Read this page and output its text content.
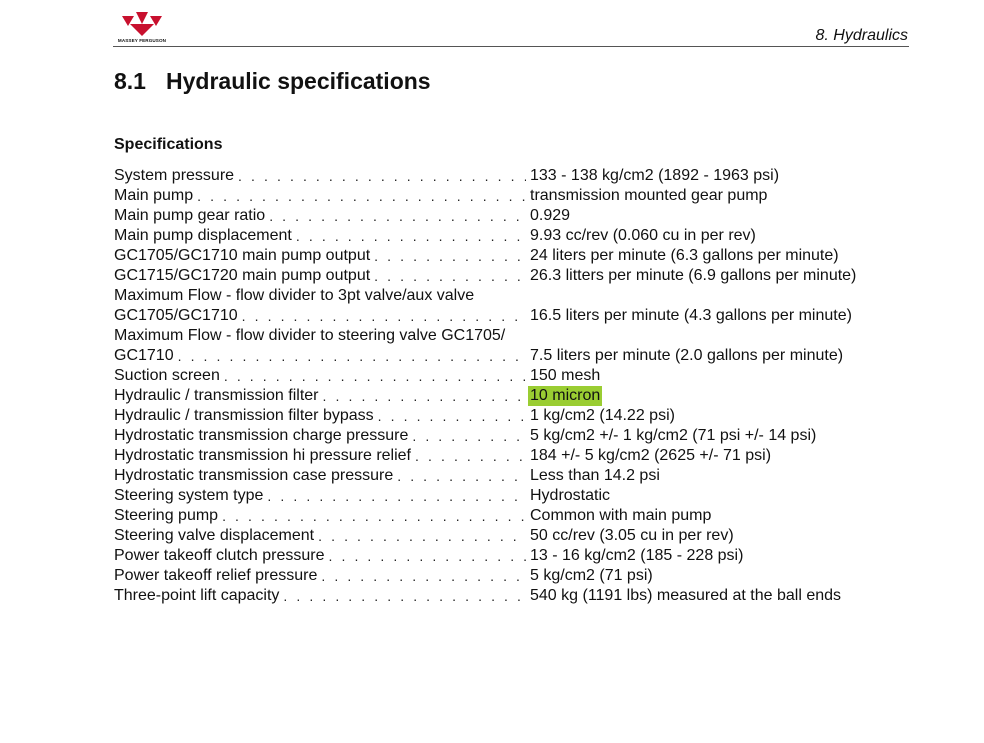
MASSEY FERGUSON	8. Hydraulics
8.1 Hydraulic specifications
Specifications
System pressure . . .	133 - 138 kg/cm2 (1892 - 1963 psi)
Main pump . . .	transmission mounted gear pump
Main pump gear ratio . . .	0.929
Main pump displacement . . .	9.93 cc/rev (0.060 cu in per rev)
GC1705/GC1710 main pump output . . .	24 liters per minute (6.3 gallons per minute)
GC1715/GC1720 main pump output . . .	26.3 litters per minute (6.9 gallons per minute)
Maximum Flow - flow divider to 3pt valve/aux valve
GC1705/GC1710 . . .	16.5 liters per minute (4.3 gallons per minute)
Maximum Flow - flow divider to steering valve GC1705/
GC1710 . . .	7.5 liters per minute (2.0 gallons per minute)
Suction screen . . .	150 mesh
Hydraulic / transmission filter . . .	10 micron
Hydraulic / transmission filter bypass . . .	1 kg/cm2 (14.22 psi)
Hydrostatic transmission charge pressure . . .	5 kg/cm2 +/- 1 kg/cm2 (71 psi +/- 14 psi)
Hydrostatic transmission hi pressure relief . . .	184 +/- 5 kg/cm2 (2625 +/- 71 psi)
Hydrostatic transmission case pressure . . .	Less than 14.2 psi
Steering system type . . .	Hydrostatic
Steering pump . . .	Common with main pump
Steering valve displacement . . .	50 cc/rev (3.05 cu in per rev)
Power takeoff clutch pressure . . .	13 - 16 kg/cm2 (185 - 228 psi)
Power takeoff relief pressure . . .	5 kg/cm2 (71 psi)
Three-point lift capacity . . .	540 kg (1191 lbs) measured at the ball ends
